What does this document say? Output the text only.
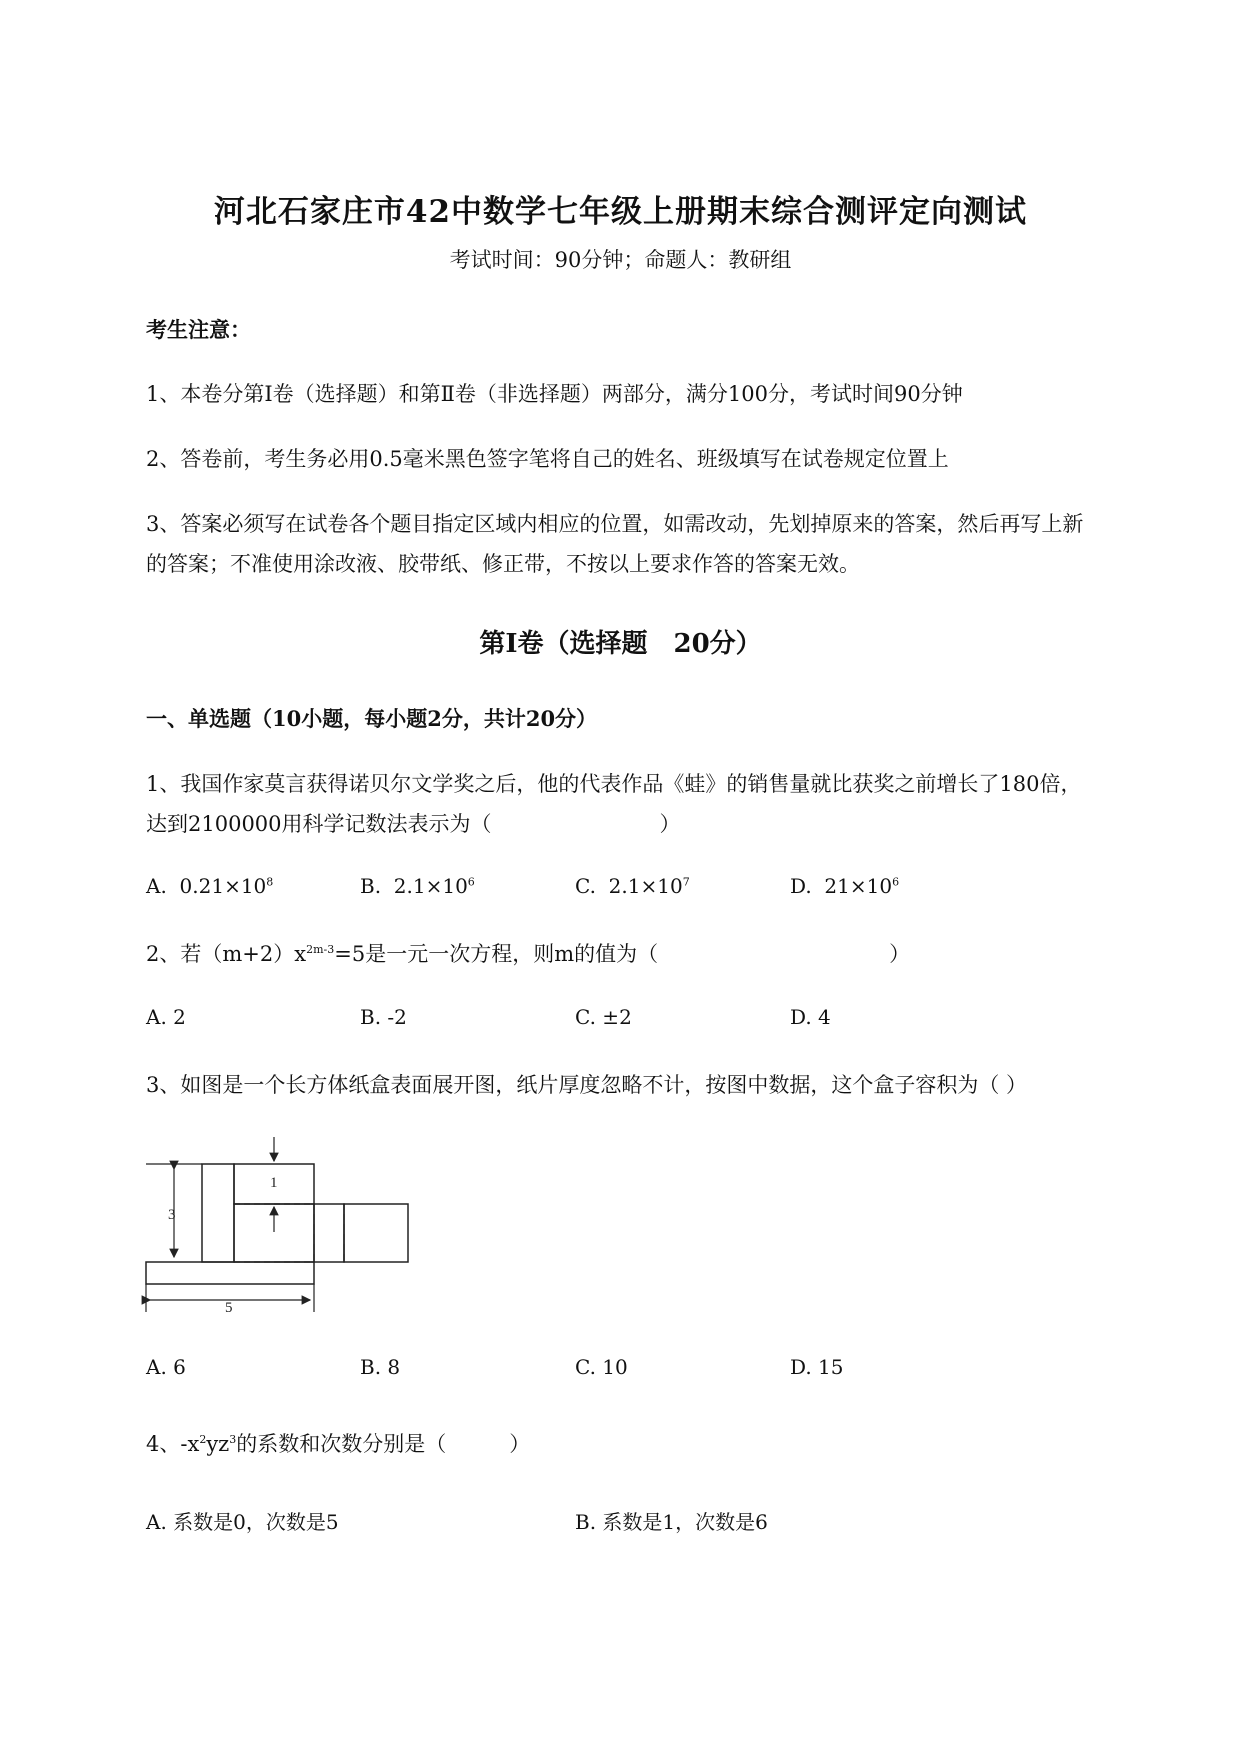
河北石家庄市42中数学七年级上册期末综合测评定向测试
考试时间：90分钟；命题人：教研组
考生注意：
1、本卷分第Ⅰ卷（选择题）和第Ⅱ卷（非选择题）两部分，满分100分，考试时间90分钟
2、答卷前，考生务必用0.5毫米黑色签字笔将自己的姓名、班级填写在试卷规定位置上
3、答案必须写在试卷各个题目指定区域内相应的位置，如需改动，先划掉原来的答案，然后再写上新
的答案；不准使用涂改液、胶带纸、修正带，不按以上要求作答的答案无效。
第Ⅰ卷（选择题　20分）
一、单选题（10小题，每小题2分，共计20分）
1、我国作家莫言获得诺贝尔文学奖之后，他的代表作品《蛙》的销售量就比获奖之前增长了180倍，
达到2100000用科学记数法表示为（　　　　　　　　）
A. $0.21\times 10^8$	B. $2.1\times 10^6$	C. $2.1\times 10^7$	D. $21\times 10^6$
2、若$(m+2)x^{2m-3}=5$是一元一次方程，则m的值为（　　　　　　　　　　　）
A. 2	B. -2	C. ±2	D. 4
3、如图是一个长方体纸盒表面展开图，纸片厚度忽略不计，按图中数据，这个盒子容积为（ ）
3
1
5
A. 6	B. 8	C. 10	D. 15
4、$-x^2yz^3$的系数和次数分别是（　　　）
A. 系数是0，次数是5	B. 系数是1，次数是6
